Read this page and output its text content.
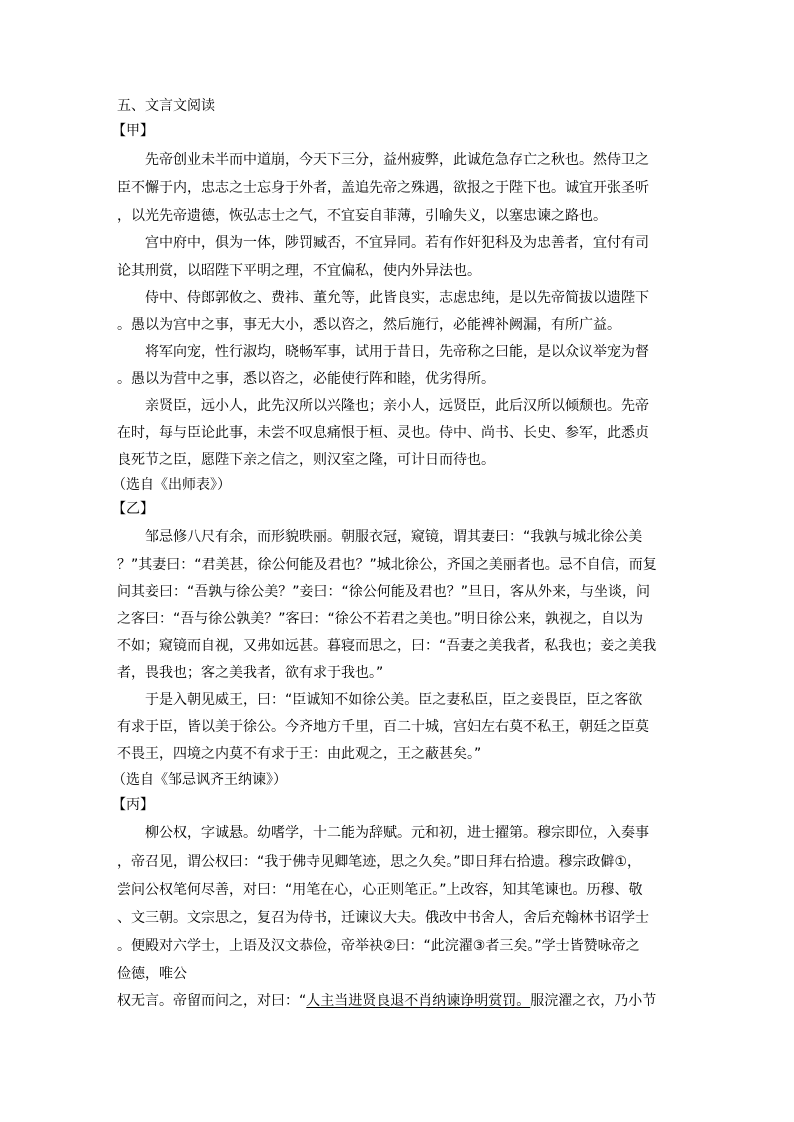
五、文言文阅读
【甲】
先帝创业未半而中道崩，今天下三分，益州疲弊，此诚危急存亡之秋也。然侍卫之
臣不懈于内，忠志之士忘身于外者，盖追先帝之殊遇，欲报之于陛下也。诚宜开张圣听
，以光先帝遗德，恢弘志士之气，不宜妄自菲薄，引喻失义，以塞忠谏之路也。
宫中府中，俱为一体，陟罚臧否，不宜异同。若有作奸犯科及为忠善者，宜付有司
论其刑赏，以昭陛下平明之理，不宜偏私，使内外异法也。
侍中、侍郎郭攸之、费祎、董允等，此皆良实，志虑忠纯，是以先帝简拔以遗陛下
。愚以为宫中之事，事无大小，悉以咨之，然后施行，必能裨补阙漏，有所广益。
将军向宠，性行淑均，晓畅军事，试用于昔日，先帝称之曰能，是以众议举宠为督
。愚以为营中之事，悉以咨之，必能使行阵和睦，优劣得所。
亲贤臣，远小人，此先汉所以兴隆也；亲小人，远贤臣，此后汉所以倾颓也。先帝
在时，每与臣论此事，未尝不叹息痛恨于桓、灵也。侍中、尚书、长史、参军，此悉贞
良死节之臣，愿陛下亲之信之，则汉室之隆，可计日而待也。
（选自《出师表》）
【乙】
邹忌修八尺有余，而形貌昳丽。朝服衣冠，窥镜，谓其妻曰：“我孰与城北徐公美
？”其妻曰：“君美甚，徐公何能及君也？”城北徐公，齐国之美丽者也。忌不自信，而复
问其妾曰：“吾孰与徐公美？”妾曰：“徐公何能及君也？”旦日，客从外来，与坐谈，问
之客曰：“吾与徐公孰美？”客曰：“徐公不若君之美也。”明日徐公来，孰视之，自以为
不如；窥镜而自视，又弗如远甚。暮寝而思之，曰：“吾妻之美我者，私我也；妾之美我
者，畏我也；客之美我者，欲有求于我也。”
于是入朝见威王，曰：“臣诚知不如徐公美。臣之妻私臣，臣之妾畏臣，臣之客欲
有求于臣，皆以美于徐公。今齐地方千里，百二十城，宫妇左右莫不私王，朝廷之臣莫
不畏王，四境之内莫不有求于王：由此观之，王之蔽甚矣。”
（选自《邹忌讽齐王纳谏》）
【丙】
柳公权，字诚悬。幼嗜学，十二能为辞赋。元和初，进士擢第。穆宗即位，入奏事
，帝召见，谓公权曰：“我于佛寺见卿笔迹，思之久矣。”即日拜右拾遗。穆宗政僻①，
尝问公权笔何尽善，对曰：“用笔在心，心正则笔正。”上改容，知其笔谏也。历穆、敬
、文三朝。文宗思之，复召为侍书，迁谏议大夫。俄改中书舍人，舍后充翰林书诏学士
。便殿对六学士，上语及汉文恭俭，帝举袂②曰：“此浣濯③者三矣。”学士皆赞咏帝之
俭德，唯公
权无言。帝留而问之，对曰：“人主当进贤良退不肖纳谏诤明赏罚。服浣濯之衣，乃小节
